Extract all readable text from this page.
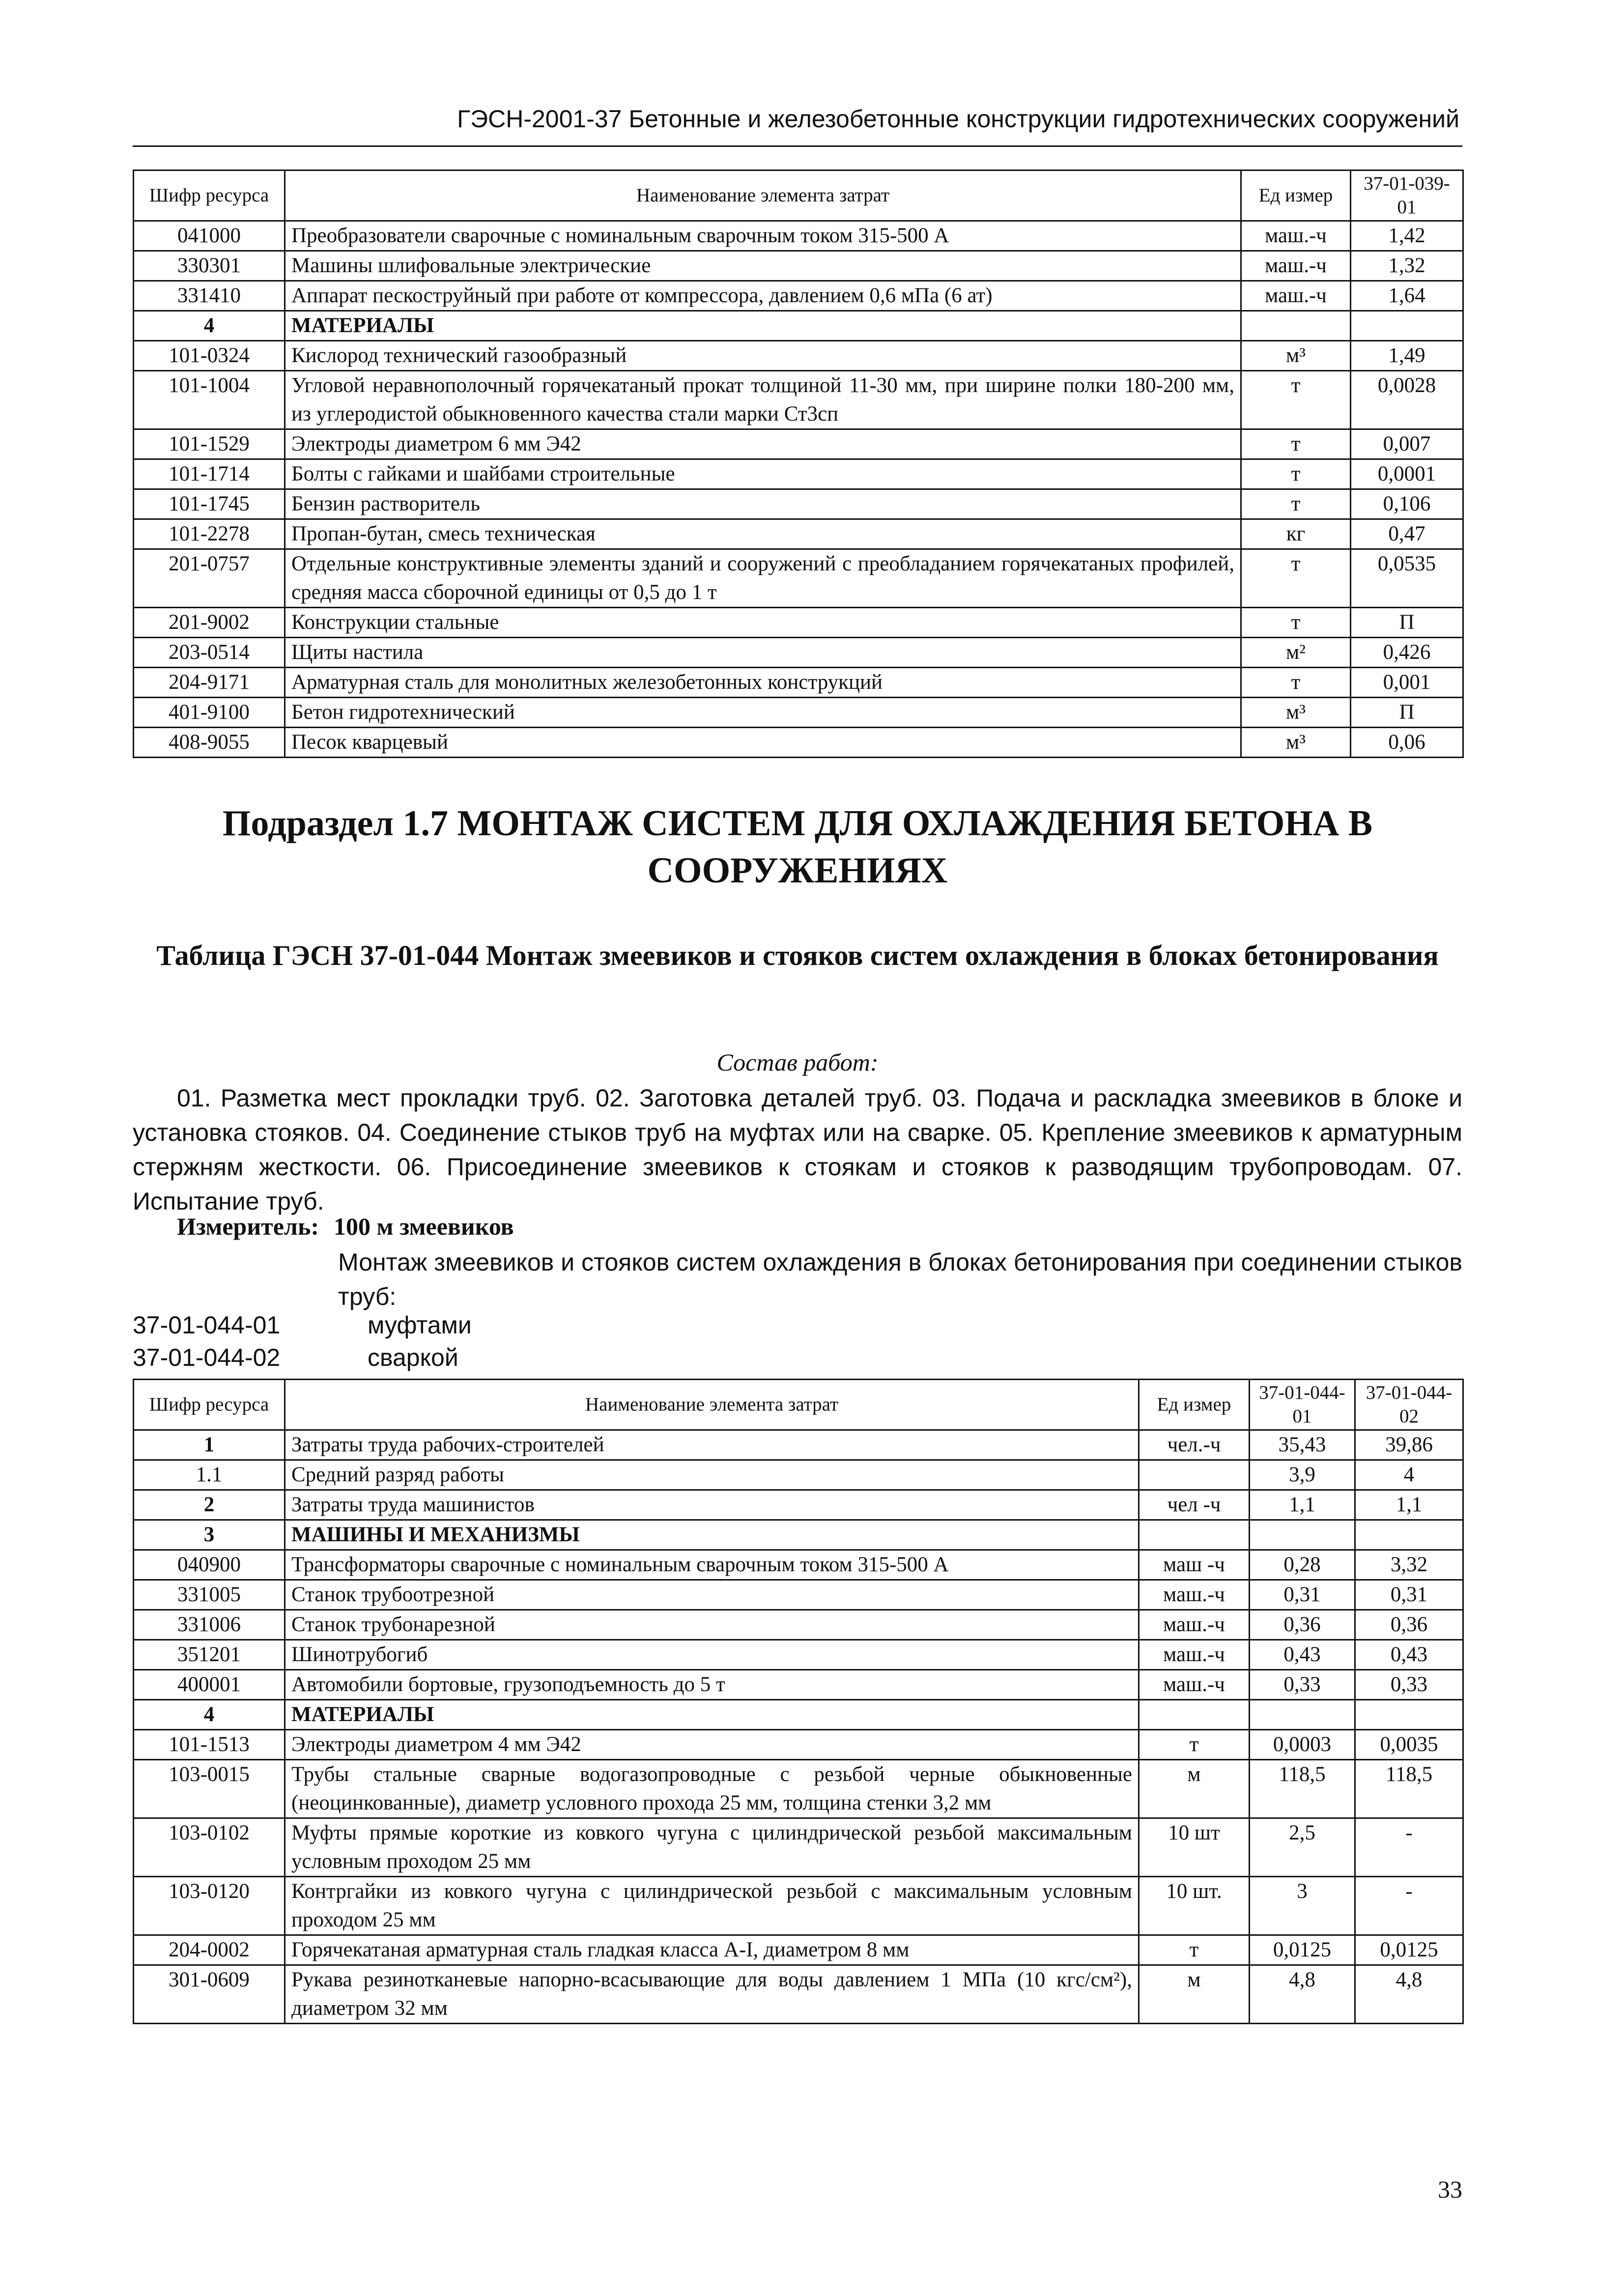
ГЭСН-2001-37 Бетонные и железобетонные конструкции гидротехнических сооружений
Шифр ресурса	Наименование элемента затрат	Ед измер	37-01-039-01
041000	Преобразователи сварочные с номинальным сварочным током 315-500 А	маш.-ч	1,42
330301	Машины шлифовальные электрические	маш.-ч	1,32
331410	Аппарат пескоструйный при работе от компрессора, давлением 0,6 мПа (6 ат)	маш.-ч	1,64
4	МАТЕРИАЛЫ		
101-0324	Кислород технический газообразный	м³	1,49
101-1004	Угловой неравнополочный горячекатаный прокат толщиной 11-30 мм, при ширине полки 180-200 мм, из углеродистой обыкновенного качества стали марки Ст3сп	т	0,0028
101-1529	Электроды диаметром 6 мм Э42	т	0,007
101-1714	Болты с гайками и шайбами строительные	т	0,0001
101-1745	Бензин растворитель	т	0,106
101-2278	Пропан-бутан, смесь техническая	кг	0,47
201-0757	Отдельные конструктивные элементы зданий и сооружений с преобладанием горячекатаных профилей, средняя масса сборочной единицы от 0,5 до 1 т	т	0,0535
201-9002	Конструкции стальные	т	П
203-0514	Щиты настила	м²	0,426
204-9171	Арматурная сталь для монолитных железобетонных конструкций	т	0,001
401-9100	Бетон гидротехнический	м³	П
408-9055	Песок кварцевый	м³	0,06
Подраздел 1.7 МОНТАЖ СИСТЕМ ДЛЯ ОХЛАЖДЕНИЯ БЕТОНА В СООРУЖЕНИЯХ
Таблица ГЭСН 37-01-044 Монтаж змеевиков и стояков систем охлаждения в блоках бетонирования
Состав работ:
01. Разметка мест прокладки труб. 02. Заготовка деталей труб. 03. Подача и раскладка змеевиков в блоке и установка стояков. 04. Соединение стыков труб на муфтах или на сварке. 05. Крепление змеевиков к арматурным стержням жесткости. 06. Присоединение змеевиков к стоякам и стояков к разводящим трубопроводам. 07. Испытание труб.
Измеритель: 100 м змеевиков
Монтаж змеевиков и стояков систем охлаждения в блоках бетонирования при соединении стыков труб:
37-01-044-01	муфтами
37-01-044-02	сваркой
Шифр ресурса	Наименование элемента затрат	Ед измер	37-01-044-01	37-01-044-02
1	Затраты труда рабочих-строителей	чел.-ч	35,43	39,86
1.1	Средний разряд работы		3,9	4
2	Затраты труда машинистов	чел -ч	1,1	1,1
3	МАШИНЫ И МЕХАНИЗМЫ			
040900	Трансформаторы сварочные с номинальным сварочным током 315-500 А	маш -ч	0,28	3,32
331005	Станок трубоотрезной	маш.-ч	0,31	0,31
331006	Станок трубонарезной	маш.-ч	0,36	0,36
351201	Шинотрубогиб	маш.-ч	0,43	0,43
400001	Автомобили бортовые, грузоподъемность до 5 т	маш.-ч	0,33	0,33
4	МАТЕРИАЛЫ			
101-1513	Электроды диаметром 4 мм Э42	т	0,0003	0,0035
103-0015	Трубы стальные сварные водогазопроводные с резьбой черные обыкновенные (неоцинкованные), диаметр условного прохода 25 мм, толщина стенки 3,2 мм	м	118,5	118,5
103-0102	Муфты прямые короткие из ковкого чугуна с цилиндрической резьбой максимальным условным проходом 25 мм	10 шт	2,5	-
103-0120	Контргайки из ковкого чугуна с цилиндрической резьбой с максимальным условным проходом 25 мм	10 шт.	3	-
204-0002	Горячекатаная арматурная сталь гладкая класса А-I, диаметром 8 мм	т	0,0125	0,0125
301-0609	Рукава резинотканевые напорно-всасывающие для воды давлением 1 МПа (10 кгс/см²), диаметром 32 мм	м	4,8	4,8
33
